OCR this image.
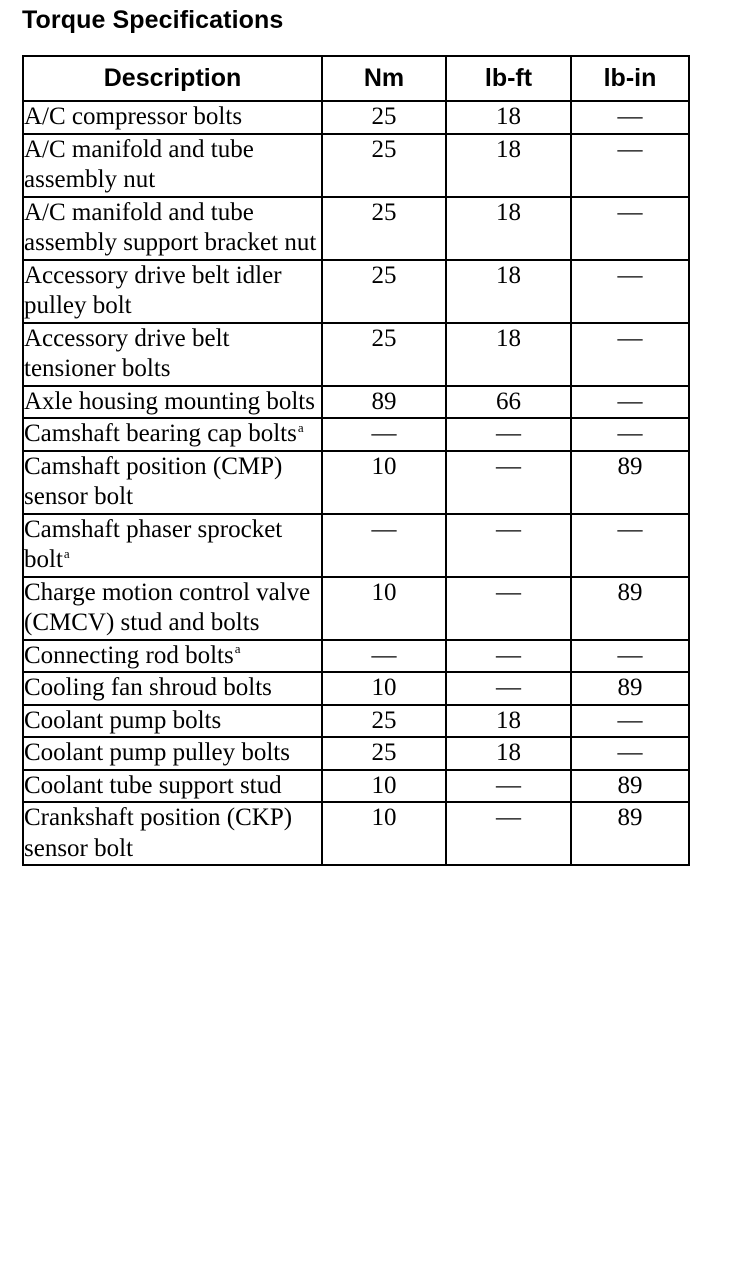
Torque Specifications
Description	Nm	lb-ft	lb-in
A/C compressor bolts	25	18	—
A/C manifold and tube assembly nut	25	18	—
A/C manifold and tube assembly support bracket nut	25	18	—
Accessory drive belt idler pulley bolt	25	18	—
Accessory drive belt tensioner bolts	25	18	—
Axle housing mounting bolts	89	66	—
Camshaft bearing cap bolts$^a$	—	—	—
Camshaft position (CMP) sensor bolt	10	—	89
Camshaft phaser sprocket bolt$^a$	—	—	—
Charge motion control valve (CMCV) stud and bolts	10	—	89
Connecting rod bolts$^a$	—	—	—
Cooling fan shroud bolts	10	—	89
Coolant pump bolts	25	18	—
Coolant pump pulley bolts	25	18	—
Coolant tube support stud	10	—	89
Crankshaft position (CKP) sensor bolt	10	—	89
